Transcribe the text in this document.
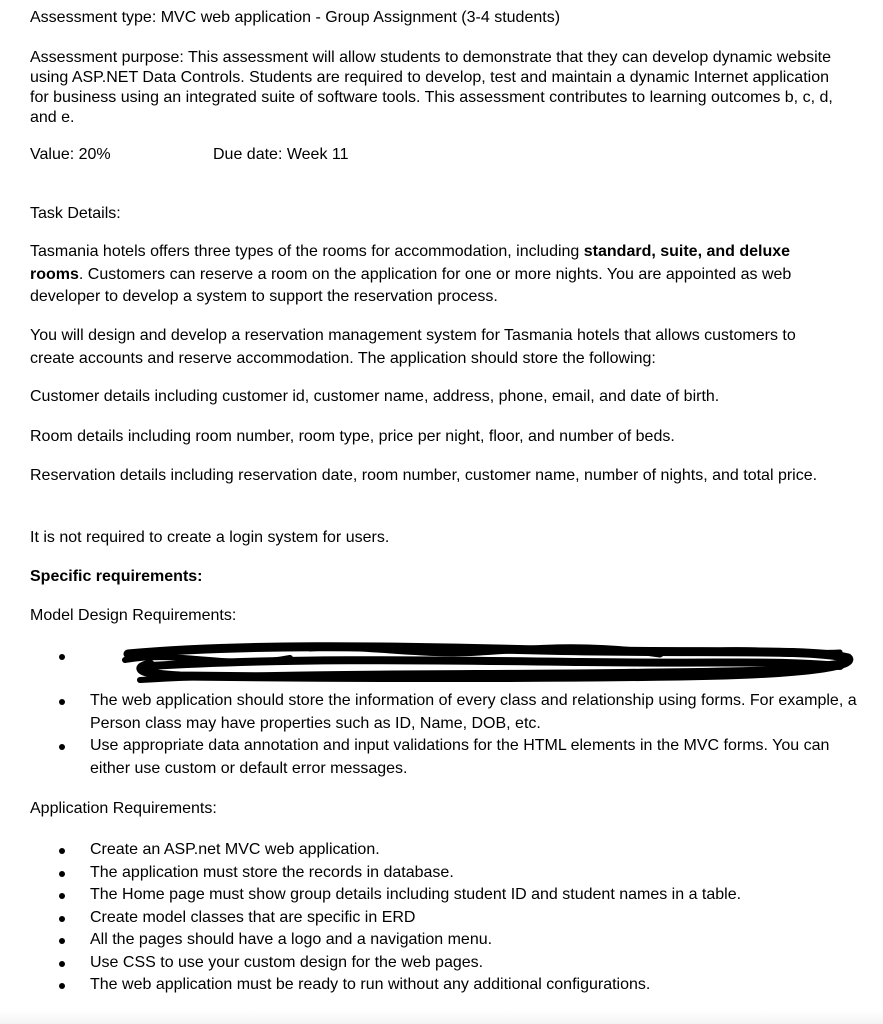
Assessment type: MVC web application - Group Assignment (3-4 students)
Assessment purpose: This assessment will allow students to demonstrate that they can develop dynamic website using ASP.NET Data Controls. Students are required to develop, test and maintain a dynamic Internet application for business using an integrated suite of software tools. This assessment contributes to learning outcomes b, c, d, and e.
Value: 20%	Due date: Week 11
Task Details:
Tasmania hotels offers three types of the rooms for accommodation, including standard, suite, and deluxe rooms. Customers can reserve a room on the application for one or more nights. You are appointed as web developer to develop a system to support the reservation process.
You will design and develop a reservation management system for Tasmania hotels that allows customers to create accounts and reserve accommodation. The application should store the following:
Customer details including customer id, customer name, address, phone, email, and date of birth.
Room details including room number, room type, price per night, floor, and number of beds.
Reservation details including reservation date, room number, customer name, number of nights, and total price.
It is not required to create a login system for users.
Specific requirements:
Model Design Requirements:
The web application should store the information of every class and relationship using forms. For example, a Person class may have properties such as ID, Name, DOB, etc.
Use appropriate data annotation and input validations for the HTML elements in the MVC forms. You can either use custom or default error messages.
Application Requirements:
Create an ASP.net MVC web application.
The application must store the records in database.
The Home page must show group details including student ID and student names in a table.
Create model classes that are specific in ERD
All the pages should have a logo and a navigation menu.
Use CSS to use your custom design for the web pages.
The web application must be ready to run without any additional configurations.
